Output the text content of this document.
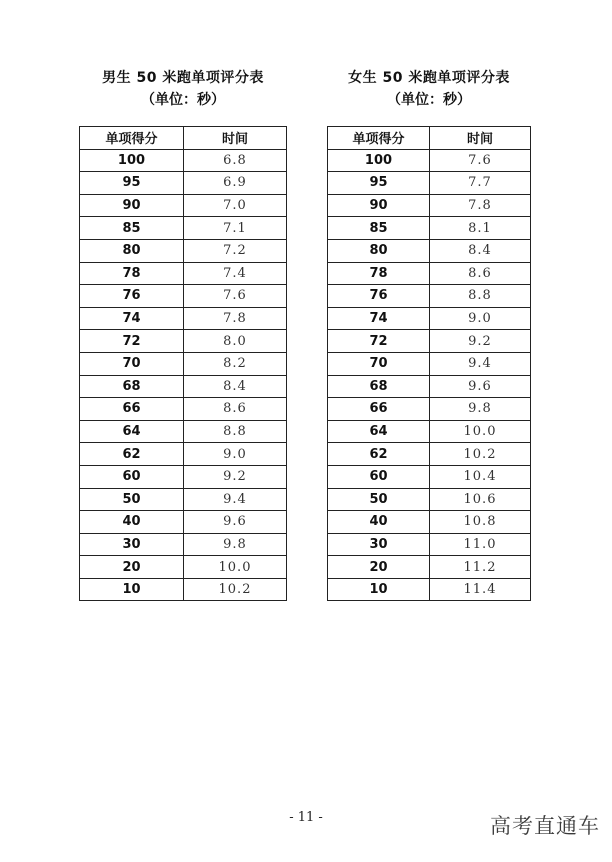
男生 50 米跑单项评分表
（单位：秒）
单项得分	时间
100	6.8
95	6.9
90	7.0
85	7.1
80	7.2
78	7.4
76	7.6
74	7.8
72	8.0
70	8.2
68	8.4
66	8.6
64	8.8
62	9.0
60	9.2
50	9.4
40	9.6
30	9.8
20	10.0
10	10.2
女生 50 米跑单项评分表
（单位：秒）
单项得分	时间
100	7.6
95	7.7
90	7.8
85	8.1
80	8.4
78	8.6
76	8.8
74	9.0
72	9.2
70	9.4
68	9.6
66	9.8
64	10.0
62	10.2
60	10.4
50	10.6
40	10.8
30	11.0
20	11.2
10	11.4
- 11 -	高考直通车
